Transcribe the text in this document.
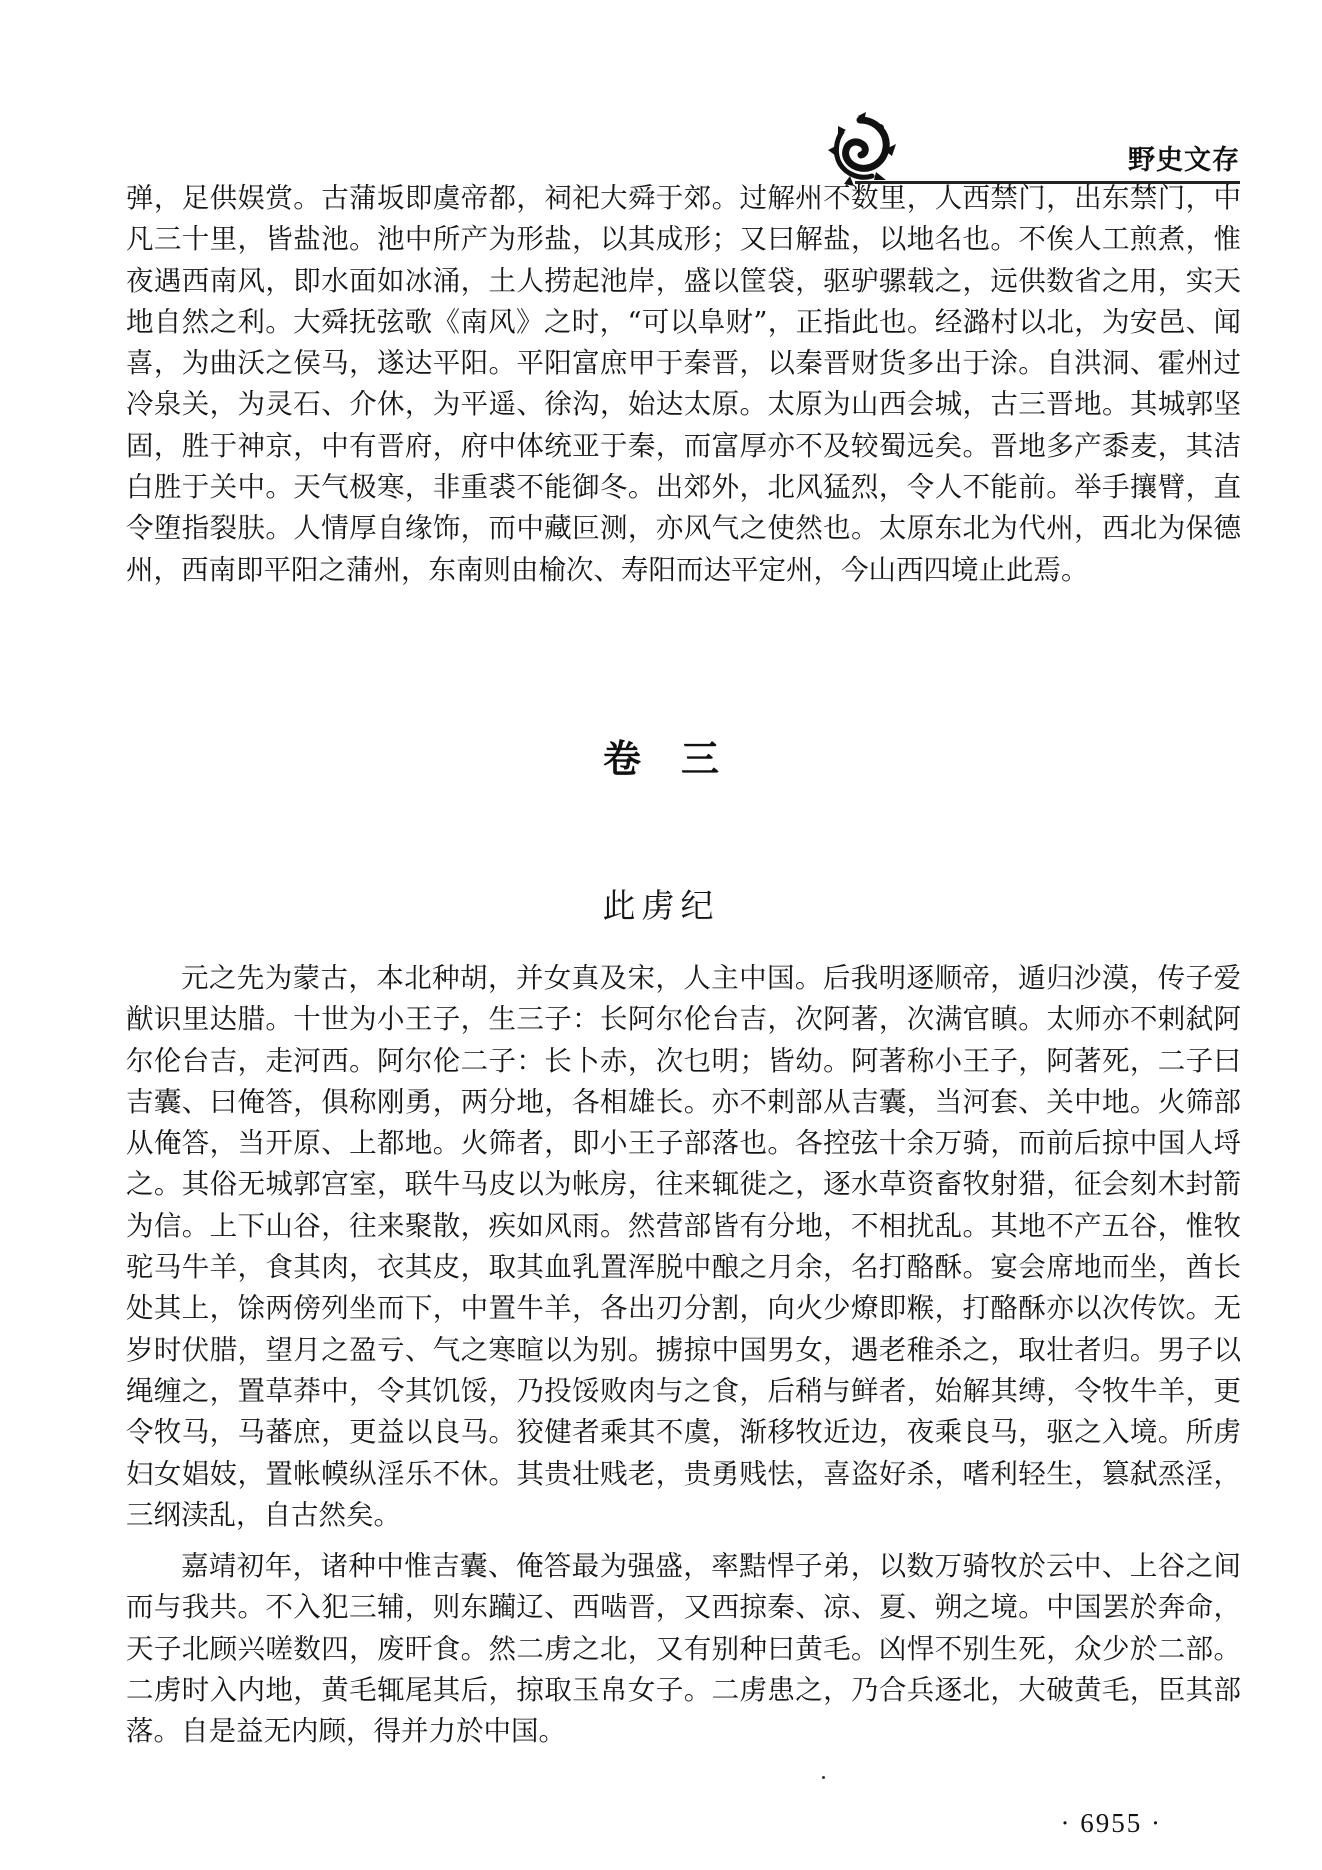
野史文存

弹，足供娱赏。古蒲坂即虞帝都，祠祀大舜于郊。过解州不数里，人西禁门，出东禁门，中凡三十里，皆盐池。池中所产为形盐，以其成形；又曰解盐，以地名也。不俟人工煎煮，惟夜遇西南风，即水面如冰涌，土人捞起池岸，盛以筐袋，驱驴骡载之，远供数省之用，实天地自然之利。大舜抚弦歌《南风》之时，“可以阜财”，正指此也。经潞村以北，为安邑、闻喜，为曲沃之侯马，遂达平阳。平阳富庶甲于秦晋，以秦晋财货多出于涂。自洪洞、霍州过冷泉关，为灵石、介休，为平遥、徐沟，始达太原。太原为山西会城，古三晋地。其城郭坚固，胜于神京，中有晋府，府中体统亚于秦，而富厚亦不及较蜀远矣。晋地多产黍麦，其洁白胜于关中。天气极寒，非重裘不能御冬。出郊外，北风猛烈，令人不能前。举手攘臂，直令堕指裂肤。人情厚自缘饰，而中藏叵测，亦风气之使然也。太原东北为代州，西北为保德州，西南即平阳之蒲州，东南则由榆次、寿阳而达平定州，今山西四境止此焉。

卷三
此虏纪

元之先为蒙古，本北种胡，并女真及宋，人主中国。后我明逐顺帝，遁归沙漠，传子爱猷识里达腊。十世为小王子，生三子：长阿尔伦台吉，次阿著，次满官瞋。太师亦不剌弑阿尔伦台吉，走河西。阿尔伦二子：长卜赤，次乜明；皆幼。阿著称小王子，阿著死，二子曰吉囊、曰俺答，俱称刚勇，两分地，各相雄长。亦不剌部从吉囊，当河套、关中地。火筛部从俺答，当开原、上都地。火筛者，即小王子部落也。各控弦十余万骑，而前后掠中国人埒之。其俗无城郭宫室，联牛马皮以为帐房，往来辄徙之，逐水草资畜牧射猎，征会刻木封箭为信。上下山谷，往来聚散，疾如风雨。然营部皆有分地，不相扰乱。其地不产五谷，惟牧驼马牛羊，食其肉，衣其皮，取其血乳置浑脱中酿之月余，名打酪酥。宴会席地而坐，酋长处其上，馀两傍列坐而下，中置牛羊，各出刃分割，向火少燎即糇，打酪酥亦以次传饮。无岁时伏腊，望月之盈亏、气之寒暄以为别。掳掠中国男女，遇老稚杀之，取壮者归。男子以绳缠之，置草莽中，令其饥馁，乃投馁败肉与之食，后稍与鲜者，始解其缚，令牧牛羊，更令牧马，马蕃庶，更益以良马。狡健者乘其不虞，渐移牧近边，夜乘良马，驱之入境。所虏妇女娼妓，置帐幙纵淫乐不休。其贵壮贱老，贵勇贱怯，喜盗好杀，嗜利轻生，篡弑烝淫，三纲渎乱，自古然矣。

嘉靖初年，诸种中惟吉囊、俺答最为强盛，率黠悍子弟，以数万骑牧於云中、上谷之间而与我共。不入犯三辅，则东躏辽、西啮晋，又西掠秦、凉、夏、朔之境。中国罢於奔命，天子北顾兴嗟数四，废旰食。然二虏之北，又有别种曰黄毛。凶悍不别生死，众少於二部。二虏时入内地，黄毛辄尾其后，掠取玉帛女子。二虏患之，乃合兵逐北，大破黄毛，臣其部落。自是益无内顾，得并力於中国。

· 6955 ·
